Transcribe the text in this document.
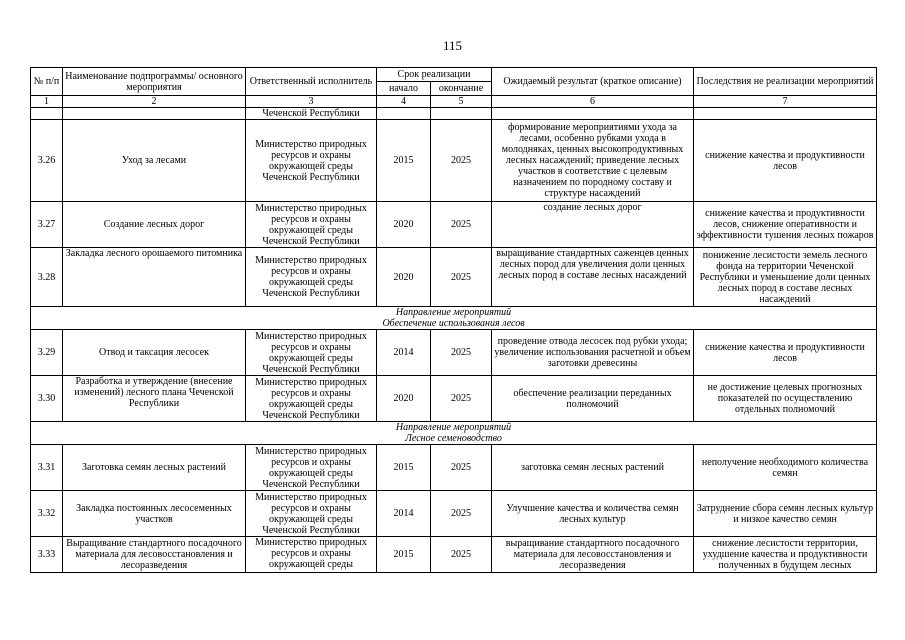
115
№ п/п	Наименование подпрограммы/ основного мероприятия	Ответственный исполнитель	Срок реализации		Ожидаемый результат (краткое описание)	Последствия не реализации мероприятий
			начало	окончание		
1	2	3	4	5	6	7
		Чеченской Республики				
3.26	Уход за лесами	Министерство природных ресурсов и охраны окружающей среды Чеченской Республики	2015	2025	формирование мероприятиями ухода за лесами, особенно рубками ухода в молодняках, ценных высокопродуктивных лесных насаждений; приведение лесных участков в соответствие с целевым назначением по породному составу и структуре насаждений	снижение качества и продуктивности лесов
3.27	Создание лесных дорог	Министерство природных ресурсов и охраны окружающей среды Чеченской Республики	2020	2025	создание лесных дорог	снижение качества и продуктивности лесов, снижение оперативности и эффективности тушения лесных пожаров
3.28	Закладка лесного орошаемого питомника	Министерство природных ресурсов и охраны окружающей среды Чеченской Республики	2020	2025	выращивание стандартных саженцев ценных лесных пород для увеличения доли ценных лесных пород в составе лесных насаждений	понижение лесистости земель лесного фонда на территории Чеченской Республики и уменьшение доли ценных лесных пород в составе лесных насаждений

Направление мероприятий
Обеспечение использования лесов						

3.29	Отвод и таксация лесосек	Министерство природных ресурсов и охраны окружающей среды Чеченской Республики	2014	2025	проведение отвода лесосек под рубки ухода; увеличение использования расчетной и объем заготовки древесины	снижение качества и продуктивности лесов
3.30	Разработка и утверждение (внесение изменений) лесного плана Чеченской Республики	Министерство природных ресурсов и охраны окружающей среды Чеченской Республики	2020	2025	обеспечение реализации переданных полномочий	не достижение целевых прогнозных показателей по осуществлению отдельных полномочий

Направление мероприятий
Лесное семеноводство						

3.31	Заготовка семян лесных растений	Министерство природных ресурсов и охраны окружающей среды Чеченской Республики	2015	2025	заготовка семян лесных растений	неполучение необходимого количества семян
3.32	Закладка постоянных лесосеменных участков	Министерство природных ресурсов и охраны окружающей среды Чеченской Республики	2014	2025	Улучшение качества и количества семян лесных культур	Затруднение сбора семян лесных культур и низкое качество семян
3.33	Выращивание стандартного посадочного материала для лесовосстановления и лесоразведения	Министерство природных ресурсов и охраны окружающей среды	2015	2025	выращивание стандартного посадочного материала для лесовосстановления и лесоразведения	снижение лесистости территории, ухудшение качества и продуктивности полученных в будущем лесных
